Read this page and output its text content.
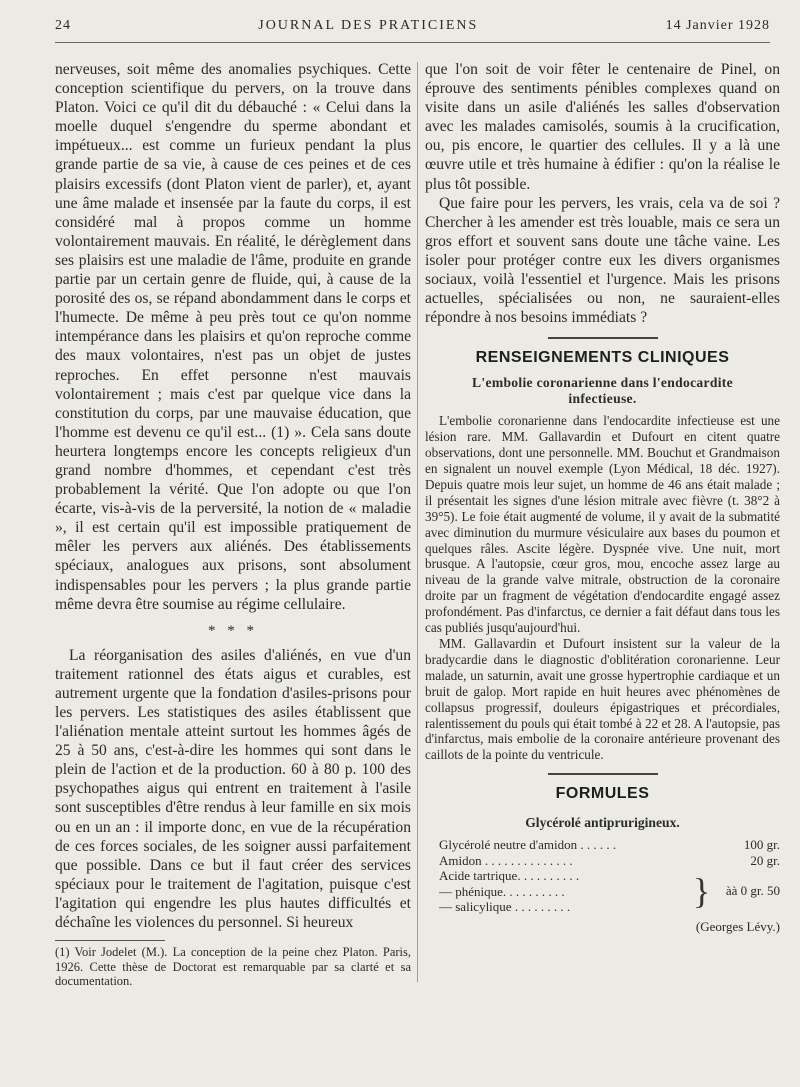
24	JOURNAL DES PRATICIENS	14 Janvier 1928

nerveuses, soit même des anomalies psychiques. Cette conception scientifique du pervers, on la trouve dans Platon. Voici ce qu'il dit du débauché : « Celui dans la moelle duquel s'engendre du sperme abondant et impétueux... est comme un furieux pendant la plus grande partie de sa vie, à cause de ces peines et de ces plaisirs excessifs (dont Platon vient de parler), et, ayant une âme malade et insensée par la faute du corps, il est considéré mal à propos comme un homme volontairement mauvais. En réalité, le dérèglement dans ses plaisirs est une maladie de l'âme, produite en grande partie par un certain genre de fluide, qui, à cause de la porosité des os, se répand abondamment dans le corps et l'humecte. De même à peu près tout ce qu'on nomme intempérance dans les plaisirs et qu'on reproche comme des maux volontaires, n'est pas un objet de justes reproches. En effet personne n'est mauvais volontairement ; mais c'est par quelque vice dans la constitution du corps, par une mauvaise éducation, que l'homme est devenu ce qu'il est... (1) ». Cela sans doute heurtera longtemps encore les concepts religieux d'un grand nombre d'hommes, et cependant c'est très probablement la vérité. Que l'on adopte ou que l'on écarte, vis-à-vis de la perversité, la notion de « maladie », il est certain qu'il est impossible pratiquement de mêler les pervers aux aliénés. Des établissements spéciaux, analogues aux prisons, sont absolument indispensables pour les pervers ; la plus grande partie même devra être soumise au régime cellulaire.

* * *

La réorganisation des asiles d'aliénés, en vue d'un traitement rationnel des états aigus et curables, est autrement urgente que la fondation d'asiles-prisons pour les pervers. Les statistiques des asiles établissent que l'aliénation mentale atteint surtout les hommes âgés de 25 à 50 ans, c'est-à-dire les hommes qui sont dans le plein de l'action et de la production. 60 à 80 p. 100 des psychopathes aigus qui entrent en traitement à l'asile sont susceptibles d'être rendus à leur famille en six mois ou en un an : il importe donc, en vue de la récupération de ces forces sociales, de les soigner aussi parfaitement que possible. Dans ce but il faut créer des services spéciaux pour le traitement de l'agitation, puisque c'est l'agitation qui engendre les plus hautes difficultés et déchaîne les violences du personnel. Si heureux

(1) Voir Jodelet (M.). La conception de la peine chez Platon. Paris, 1926. Cette thèse de Doctorat est remarquable par sa clarté et sa documentation.

que l'on soit de voir fêter le centenaire de Pinel, on éprouve des sentiments pénibles complexes quand on visite dans un asile d'aliénés les salles d'observation avec les malades camisolés, soumis à la crucification, ou, pis encore, le quartier des cellules. Il y a là une œuvre utile et très humaine à édifier : qu'on la réalise le plus tôt possible.

Que faire pour les pervers, les vrais, cela va de soi ? Chercher à les amender est très louable, mais ce sera un gros effort et souvent sans doute une tâche vaine. Les isoler pour protéger contre eux les divers organismes sociaux, voilà l'essentiel et l'urgence. Mais les prisons actuelles, spécialisées ou non, ne sauraient-elles répondre à nos besoins immédiats ?

RENSEIGNEMENTS CLINIQUES
L'embolie coronarienne dans l'endocardite infectieuse.

L'embolie coronarienne dans l'endocardite infectieuse est une lésion rare. MM. Gallavardin et Dufourt en citent quatre observations, dont une personnelle. MM. Bouchut et Grandmaison en signalent un nouvel exemple (Lyon Médical, 18 déc. 1927). Depuis quatre mois leur sujet, un homme de 46 ans était malade ; il présentait les signes d'une lésion mitrale avec fièvre (t. 38°2 à 39°5). Le foie était augmenté de volume, il y avait de la submatité avec diminution du murmure vésiculaire aux bases du poumon et quelques râles. Ascite légère. Dyspnée vive. Une nuit, mort brusque. A l'autopsie, cœur gros, mou, encoche assez large au niveau de la grande valve mitrale, obstruction de la coronaire droite par un fragment de végétation d'endocardite engagé assez profondément. Pas d'infarctus, ce dernier a fait défaut dans tous les cas publiés jusqu'aujourd'hui.

MM. Gallavardin et Dufourt insistent sur la valeur de la bradycardie dans le diagnostic d'oblitération coronarienne. Leur malade, un saturnin, avait une grosse hypertrophie cardiaque et un bruit de galop. Mort rapide en huit heures avec phénomènes de collapsus progressif, douleurs épigastriques et précordiales, ralentissement du pouls qui était tombé à 22 et 28. A l'autopsie, pas d'infarctus, mais embolie de la coronaire antérieure provenant des caillots de la pointe du ventricule.

FORMULES
Glycérolé antiprurigineux.
Glycérolé neutre d'amidon . . . . . .	100 gr.
Amidon . . . . . . . . . . . . . .	20 gr.
Acide tartrique. . . . . . . . . .
— phénique. . . . . . . . . .
— salicylique . . . . . . . . .	}	àà 0 gr. 50
(Georges Lévy.)
